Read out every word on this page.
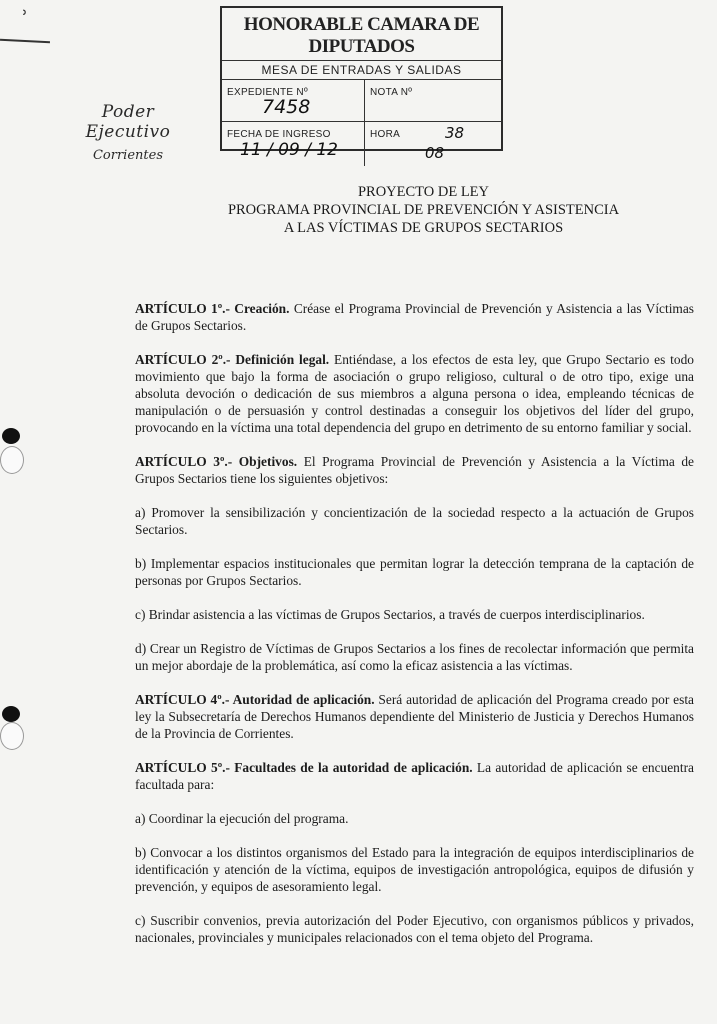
ʾ
Poder Ejecutivo
Corrientes
HONORABLE CAMARA DE DIPUTADOS
MESA DE ENTRADAS Y SALIDAS
EXPEDIENTE Nº
7458
NOTA Nº
FECHA DE INGRESO
11 / 09 / 12
HORA
08
38
PROYECTO DE LEY
PROGRAMA PROVINCIAL DE PREVENCIÓN Y ASISTENCIA
A LAS VÍCTIMAS DE GRUPOS SECTARIOS

ARTÍCULO 1º.- Creación. Créase el Programa Provincial de Prevención y Asistencia a las Víctimas de Grupos Sectarios.

ARTÍCULO 2º.- Definición legal. Entiéndase, a los efectos de esta ley, que Grupo Sectario es todo movimiento que bajo la forma de asociación o grupo religioso, cultural o de otro tipo, exige una absoluta devoción o dedicación de sus miembros a alguna persona o idea, empleando técnicas de manipulación o de persuasión y control destinadas a conseguir los objetivos del líder del grupo, provocando en la víctima una total dependencia del grupo en detrimento de su entorno familiar y social.

ARTÍCULO 3º.- Objetivos. El Programa Provincial de Prevención y Asistencia a la Víctima de Grupos Sectarios tiene los siguientes objetivos:

a) Promover la sensibilización y concientización de la sociedad respecto a la actuación de Grupos Sectarios.

b) Implementar espacios institucionales que permitan lograr la detección temprana de la captación de personas por Grupos Sectarios.

c) Brindar asistencia a las víctimas de Grupos Sectarios, a través de cuerpos interdisciplinarios.

d) Crear un Registro de Víctimas de Grupos Sectarios a los fines de recolectar información que permita un mejor abordaje de la problemática, así como la eficaz asistencia a las víctimas.

ARTÍCULO 4º.- Autoridad de aplicación. Será autoridad de aplicación del Programa creado por esta ley la Subsecretaría de Derechos Humanos dependiente del Ministerio de Justicia y Derechos Humanos de la Provincia de Corrientes.

ARTÍCULO 5º.- Facultades de la autoridad de aplicación. La autoridad de aplicación se encuentra facultada para:

a) Coordinar la ejecución del programa.

b) Convocar a los distintos organismos del Estado para la integración de equipos interdisciplinarios de identificación y atención de la víctima, equipos de investigación antropológica, equipos de difusión y prevención, y equipos de asesoramiento legal.

c) Suscribir convenios, previa autorización del Poder Ejecutivo, con organismos públicos y privados, nacionales, provinciales y municipales relacionados con el tema objeto del Programa.
